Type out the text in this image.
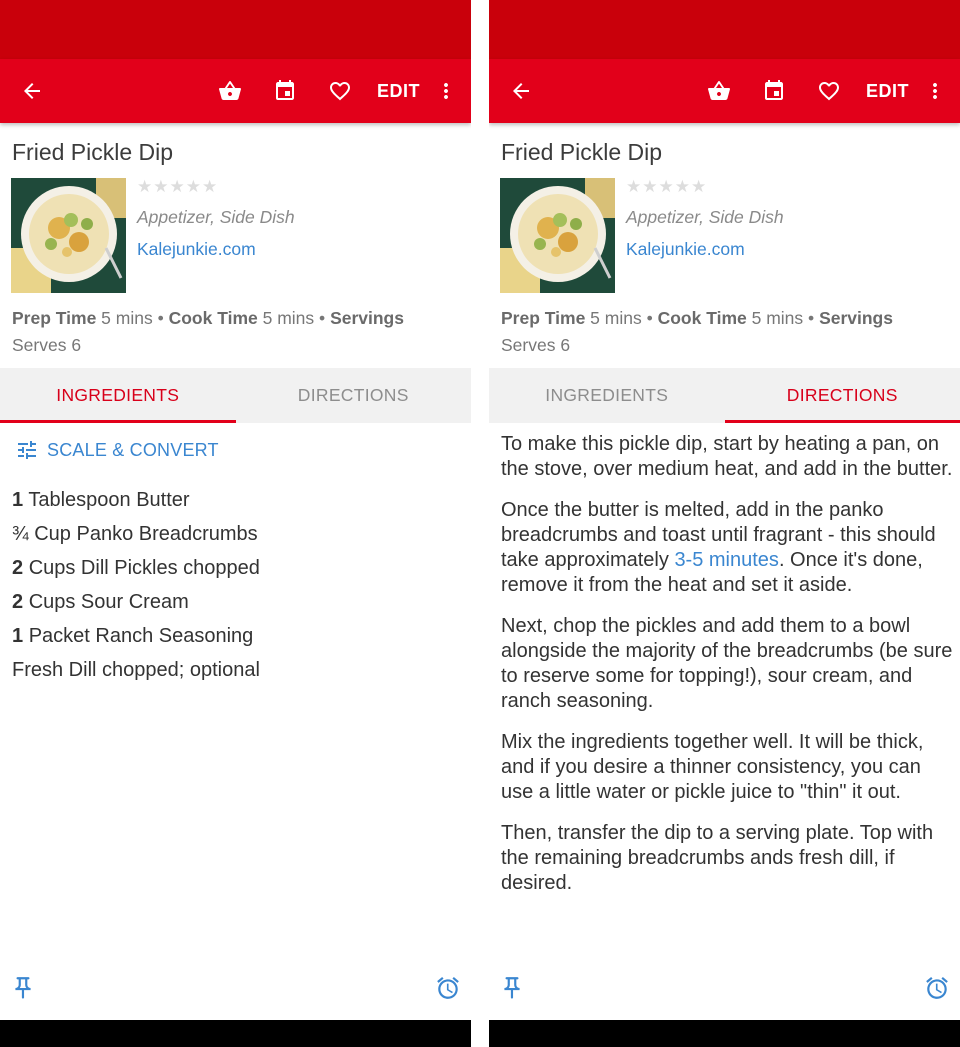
EDIT
Fried Pickle Dip
★★★★★
Appetizer, Side Dish
Kalejunkie.com
Prep Time 5 mins • Cook Time 5 mins • Servings
Serves 6
INGREDIENTS	DIRECTIONS
SCALE & CONVERT
1 Tablespoon Butter
¾ Cup Panko Breadcrumbs
2 Cups Dill Pickles chopped
2 Cups Sour Cream
1 Packet Ranch Seasoning
Fresh Dill chopped; optional
EDIT
Fried Pickle Dip
★★★★★
Appetizer, Side Dish
Kalejunkie.com
Prep Time 5 mins • Cook Time 5 mins • Servings
Serves 6
INGREDIENTS	DIRECTIONS

To make this pickle dip, start by heating a pan, on the stove, over medium heat, and add in the butter.

Once the butter is melted, add in the panko breadcrumbs and toast until fragrant - this should take approximately 3-5 minutes. Once it's done, remove it from the heat and set it aside.

Next, chop the pickles and add them to a bowl alongside the majority of the breadcrumbs (be sure to reserve some for topping!), sour cream, and ranch seasoning.

Mix the ingredients together well. It will be thick, and if you desire a thinner consistency, you can use a little water or pickle juice to "thin" it out.

Then, transfer the dip to a serving plate. Top with the remaining breadcrumbs ands fresh dill, if desired.
